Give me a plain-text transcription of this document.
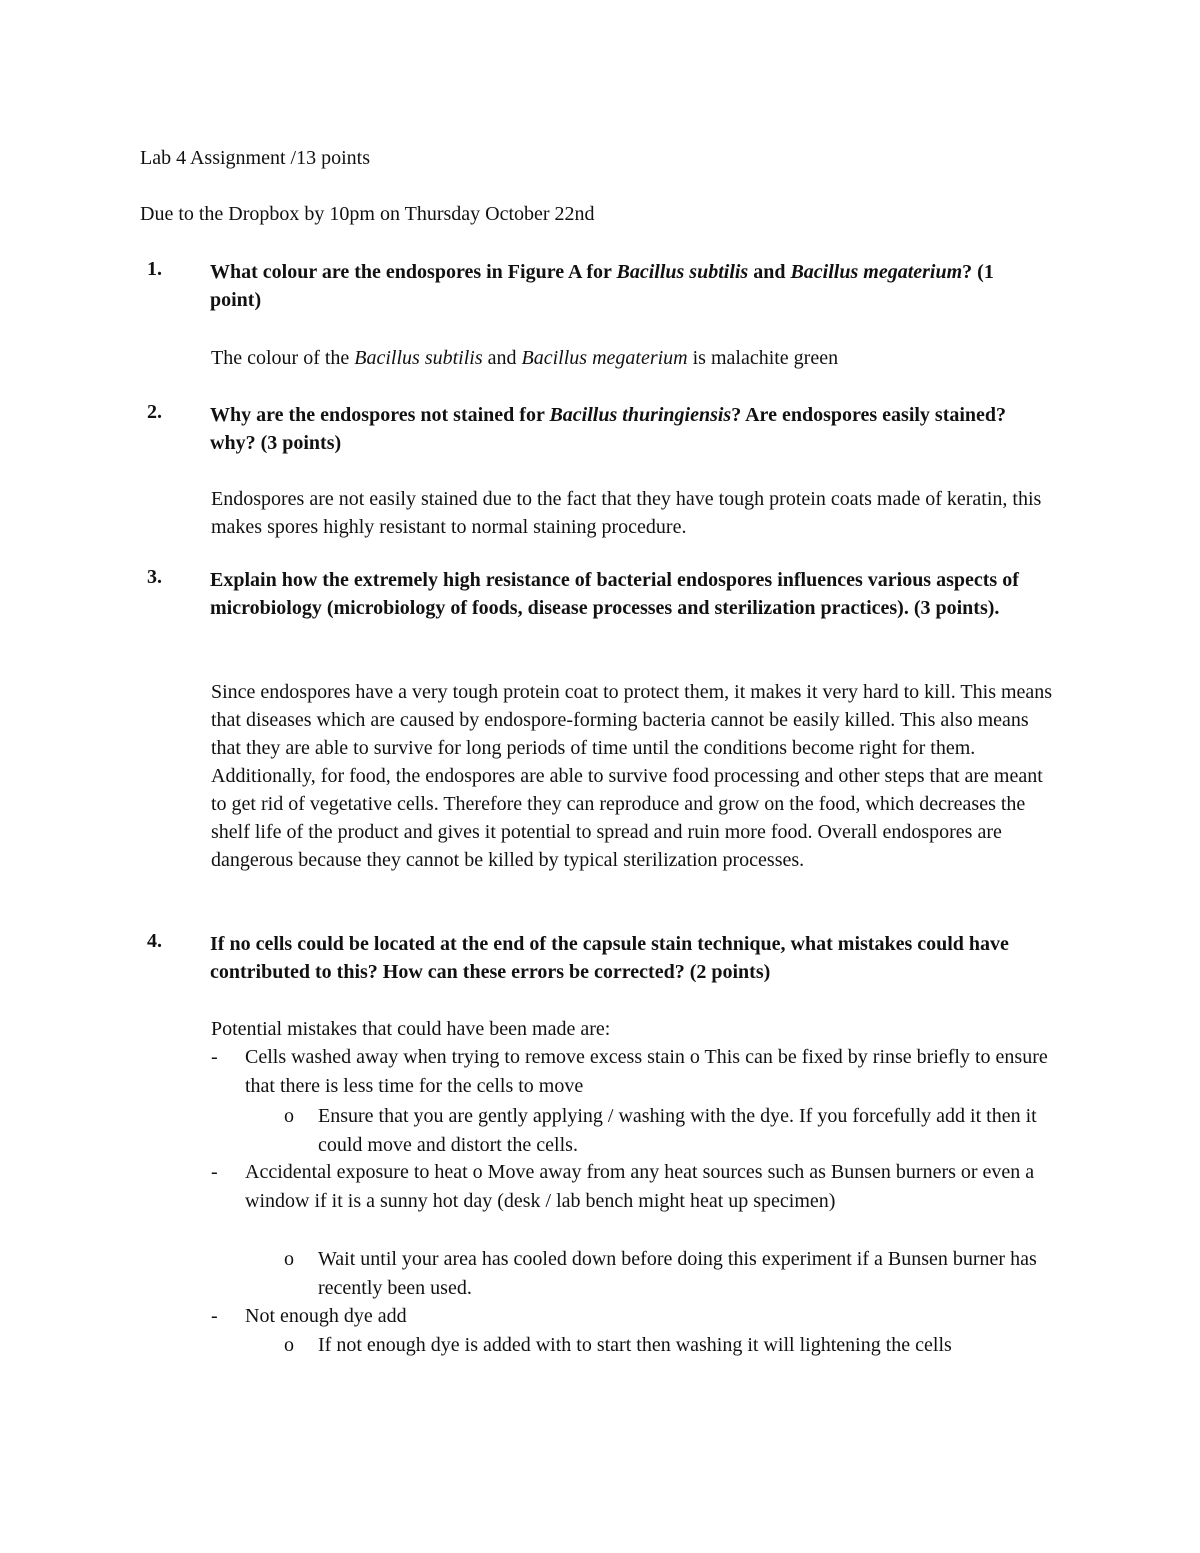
Lab 4 Assignment /13 points
Due to the Dropbox by 10pm on Thursday October 22nd
1. What colour are the endospores in Figure A for Bacillus subtilis and Bacillus megaterium? (1 point)
The colour of the Bacillus subtilis and Bacillus megaterium is malachite green
2. Why are the endospores not stained for Bacillus thuringiensis? Are endospores easily stained? why? (3 points)
Endospores are not easily stained due to the fact that they have tough protein coats made of keratin, this makes spores highly resistant to normal staining procedure.
3. Explain how the extremely high resistance of bacterial endospores influences various aspects of microbiology (microbiology of foods, disease processes and sterilization practices). (3 points).
Since endospores have a very tough protein coat to protect them, it makes it very hard to kill. This means that diseases which are caused by endospore-forming bacteria cannot be easily killed. This also means that they are able to survive for long periods of time until the conditions become right for them. Additionally, for food, the endospores are able to survive food processing and other steps that are meant to get rid of vegetative cells. Therefore they can reproduce and grow on the food, which decreases the shelf life of the product and gives it potential to spread and ruin more food. Overall endospores are dangerous because they cannot be killed by typical sterilization processes.
4. If no cells could be located at the end of the capsule stain technique, what mistakes could have contributed to this? How can these errors be corrected? (2 points)
Potential mistakes that could have been made are:
- Cells washed away when trying to remove excess stain o This can be fixed by rinse briefly to ensure that there is less time for the cells to move
o Ensure that you are gently applying / washing with the dye. If you forcefully add it then it could move and distort the cells.
- Accidental exposure to heat o Move away from any heat sources such as Bunsen burners or even a window if it is a sunny hot day (desk / lab bench might heat up specimen)
o Wait until your area has cooled down before doing this experiment if a Bunsen burner has recently been used.
- Not enough dye add
o If not enough dye is added with to start then washing it will lightening the cells
